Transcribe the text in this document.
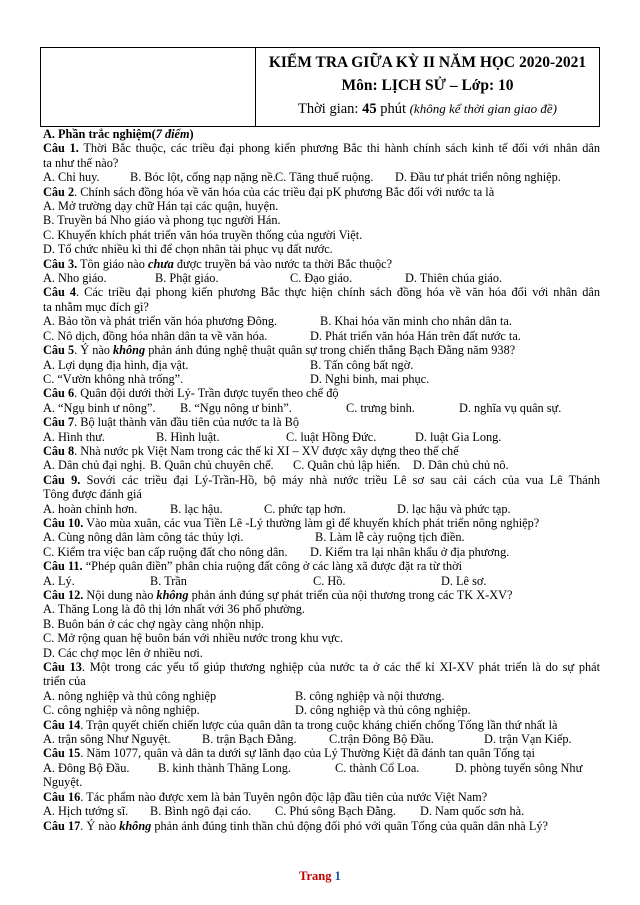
KIỂM TRA GIỮA KỲ II NĂM HỌC 2020-2021
Môn: LỊCH SỬ – Lớp: 10
Thời gian: 45 phút (không kể thời gian giao đề)
A. Phần trắc nghiệm(7 điểm)
Câu 1. Thời Bắc thuộc, các triều đại phong kiến phương Bắc thi hành chính sách kinh tế đối với nhân dân
ta như thế nào?
A. Chỉ huy.	B. Bóc lột, cống nạp nặng nề. C. Tăng thuế ruộng.	D. Đầu tư phát triển nông nghiệp.
Câu 2. Chính sách đồng hóa về văn hóa của các triều đại pK phương Bắc đối với nước ta là
A. Mở trường dạy chữ Hán tại các quận, huyện.
B. Truyền bá Nho giáo và phong tục người Hán.
C. Khuyến khích phát triển văn hóa truyền thống của người Việt.
D. Tổ chức nhiều kì thi để chọn nhân tài phục vụ đất nước.
Câu 3. Tôn giáo nào chưa được truyền bá vào nước ta thời Bắc thuộc?
A. Nho giáo.	B. Phật giáo.	C. Đạo giáo.	D. Thiên chúa giáo.
Câu 4. Các triều đại phong kiến phương Bắc thực hiện chính sách đồng hóa về văn hóa đối với nhân dân
ta nhằm mục đích gì?
A. Bảo tồn và phát triển văn hóa phương Đông.	B. Khai hóa văn minh cho nhân dân ta.
C. Nô dịch, đồng hóa nhân dân ta về văn hóa.	D. Phát triển văn hóa Hán trên đất nước ta.
Câu 5. Ý nào không phản ánh đúng nghệ thuật quân sự trong chiến thắng Bạch Đằng năm 938?
A. Lợi dụng địa hình, địa vật.	B. Tấn công bất ngờ.
C. “Vườn không nhà trống”.	D. Nghi binh, mai phục.
Câu 6. Quân đội dưới thời Lý- Trần được tuyển theo chế độ
A. “Ngụ binh ư nông”.	B. “Ngụ nông ư binh”.	C. trưng binh.	D. nghĩa vụ quân sự.
Câu 7. Bộ luật thành văn đầu tiên của nước ta là Bộ
A. Hình thư.	B. Hình luật.	C. luật Hồng Đức.	D. luật Gia Long.
Câu 8. Nhà nước pk Việt Nam trong các thế kỉ XI – XV được xây dựng theo thể chế
A. Dân chủ đại nghị. B. Quân chủ chuyên chế.	C. Quân chủ lập hiến.	D. Dân chủ chủ nô.
Câu 9. Sovới các triều đại Lý-Trần-Hồ, bộ máy nhà nước triều Lê sơ sau cải cách của vua Lê Thánh
Tông được đánh giá
A. hoàn chỉnh hơn.	B. lạc hậu.	C. phức tạp hơn.	D. lạc hậu và phức tạp.
Câu 10. Vào mùa xuân, các vua Tiền Lê -Lý thường làm gì để khuyến khích phát triển nông nghiệp?
A. Cùng nông dân làm công tác thủy lợi.	B. Làm lễ cày ruộng tịch điền.
C. Kiểm tra việc ban cấp ruộng đất cho nông dân.	D. Kiểm tra lại nhân khẩu ở địa phương.
Câu 11. “Phép quân điền” phân chia ruộng đất công ở các làng xã được đặt ra từ thời
A. Lý.	B. Trần	C. Hồ.	D. Lê sơ.
Câu 12. Nội dung nào không phản ánh đúng sự phát triển của nội thương trong các TK X-XV?
A. Thăng Long là đô thị lớn nhất với 36 phố phường.
B. Buôn bán ở các chợ ngày càng nhộn nhịp.
C. Mở rộng quan hệ buôn bán với nhiều nước trong khu vực.
D. Các chợ mọc lên ở nhiều nơi.
Câu 13. Một trong các yếu tố giúp thương nghiệp của nước ta ở các thế kỉ XI-XV phát triển là do sự phát
triển của
A. nông nghiệp và thủ công nghiệp	B. công nghiệp và nội thương.
C. công nghiệp và nông nghiệp.	D. công nghiệp và thủ công nghiệp.
Câu 14. Trận quyết chiến chiến lược của quân dân ta trong cuộc kháng chiến chống Tống lần thứ nhất là
A. trận sông Như Nguyệt.	B. trận Bạch Đằng.	C.trận Đông Bộ Đầu.	D. trận Vạn Kiếp.
Câu 15. Năm 1077, quân và dân ta dưới sự lãnh đạo của Lý Thường Kiệt đã đánh tan quân Tống tại
A. Đông Bộ Đầu.	B. kinh thành Thăng Long.	C. thành Cổ Loa.	D. phòng tuyến sông Như
Nguyệt.
Câu 16. Tác phẩm nào được xem là bản Tuyên ngôn độc lập đầu tiên của nước Việt Nam?
A. Hịch tướng sĩ.	B. Bình ngô đại cáo.	C. Phú sông Bạch Đằng.	D. Nam quốc sơn hà.
Câu 17. Ý nào không phản ánh đúng tinh thần chủ động đối phó với quân Tống của quân dân nhà Lý?
Trang 1
